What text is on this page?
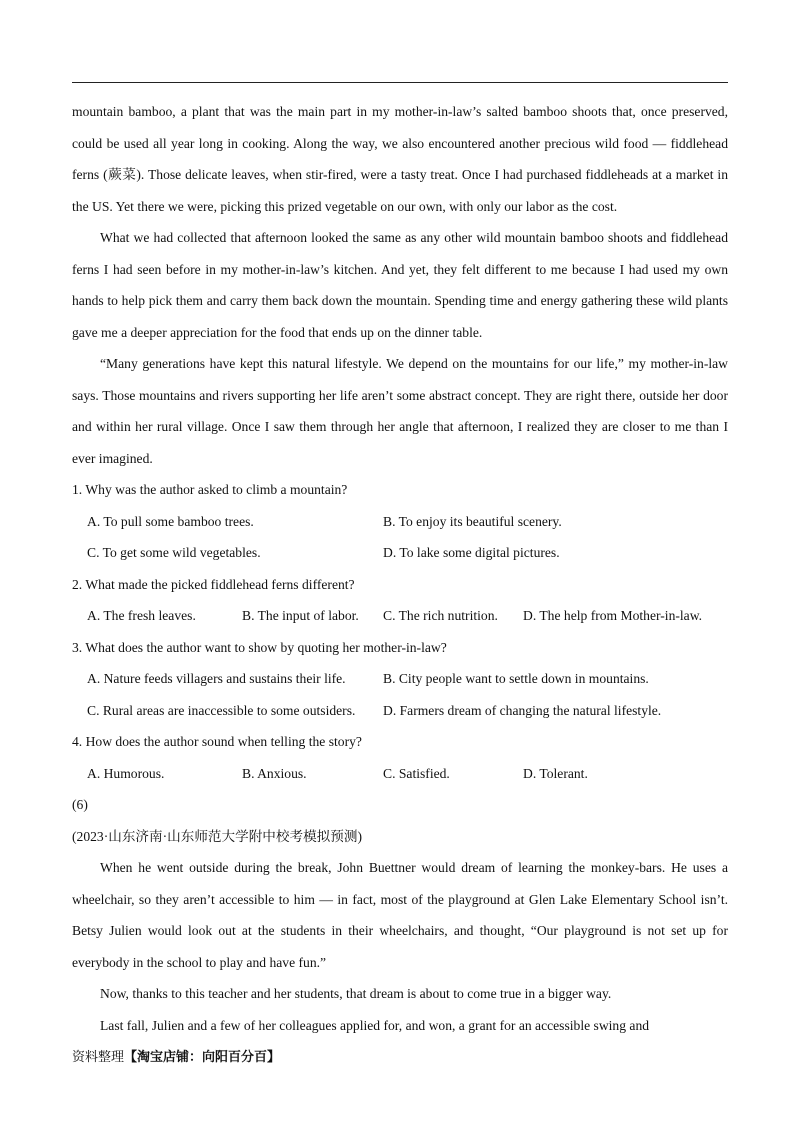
mountain bamboo, a plant that was the main part in my mother-in-law’s salted bamboo shoots that, once preserved, could be used all year long in cooking. Along the way, we also encountered another precious wild food — fiddlehead ferns (蕨菜). Those delicate leaves, when stir-fired, were a tasty treat. Once I had purchased fiddleheads at a market in the US. Yet there we were, picking this prized vegetable on our own, with only our labor as the cost.

What we had collected that afternoon looked the same as any other wild mountain bamboo shoots and fiddlehead ferns I had seen before in my mother-in-law’s kitchen. And yet, they felt different to me because I had used my own hands to help pick them and carry them back down the mountain. Spending time and energy gathering these wild plants gave me a deeper appreciation for the food that ends up on the dinner table.

“Many generations have kept this natural lifestyle. We depend on the mountains for our life,” my mother-in-law says. Those mountains and rivers supporting her life aren’t some abstract concept. They are right there, outside her door and within her rural village. Once I saw them through her angle that afternoon, I realized they are closer to me than I ever imagined.

1. Why was the author asked to climb a mountain?

A. To pull some bamboo trees.	B. To enjoy its beautiful scenery.
C. To get some wild vegetables.	D. To lake some digital pictures.

2. What made the picked fiddlehead ferns different?

A. The fresh leaves.	B. The input of labor.	C. The rich nutrition.	D. The help from Mother-in-law.

3. What does the author want to show by quoting her mother-in-law?

A. Nature feeds villagers and sustains their life.	B. City people want to settle down in mountains.
C. Rural areas are inaccessible to some outsiders.	D. Farmers dream of changing the natural lifestyle.

4. How does the author sound when telling the story?

A. Humorous.	B. Anxious.	C. Satisfied.	D. Tolerant.

(6)

(2023·山东济南·山东师范大学附中校考模拟预测)

When he went outside during the break, John Buettner would dream of learning the monkey-bars. He uses a wheelchair, so they aren’t accessible to him — in fact, most of the playground at Glen Lake Elementary School isn’t. Betsy Julien would look out at the students in their wheelchairs, and thought, “Our playground is not set up for everybody in the school to play and have fun.”

Now, thanks to this teacher and her students, that dream is about to come true in a bigger way.

Last fall, Julien and a few of her colleagues applied for, and won, a grant for an accessible swing and

资料整理【淘宝店铺：向阳百分百】
